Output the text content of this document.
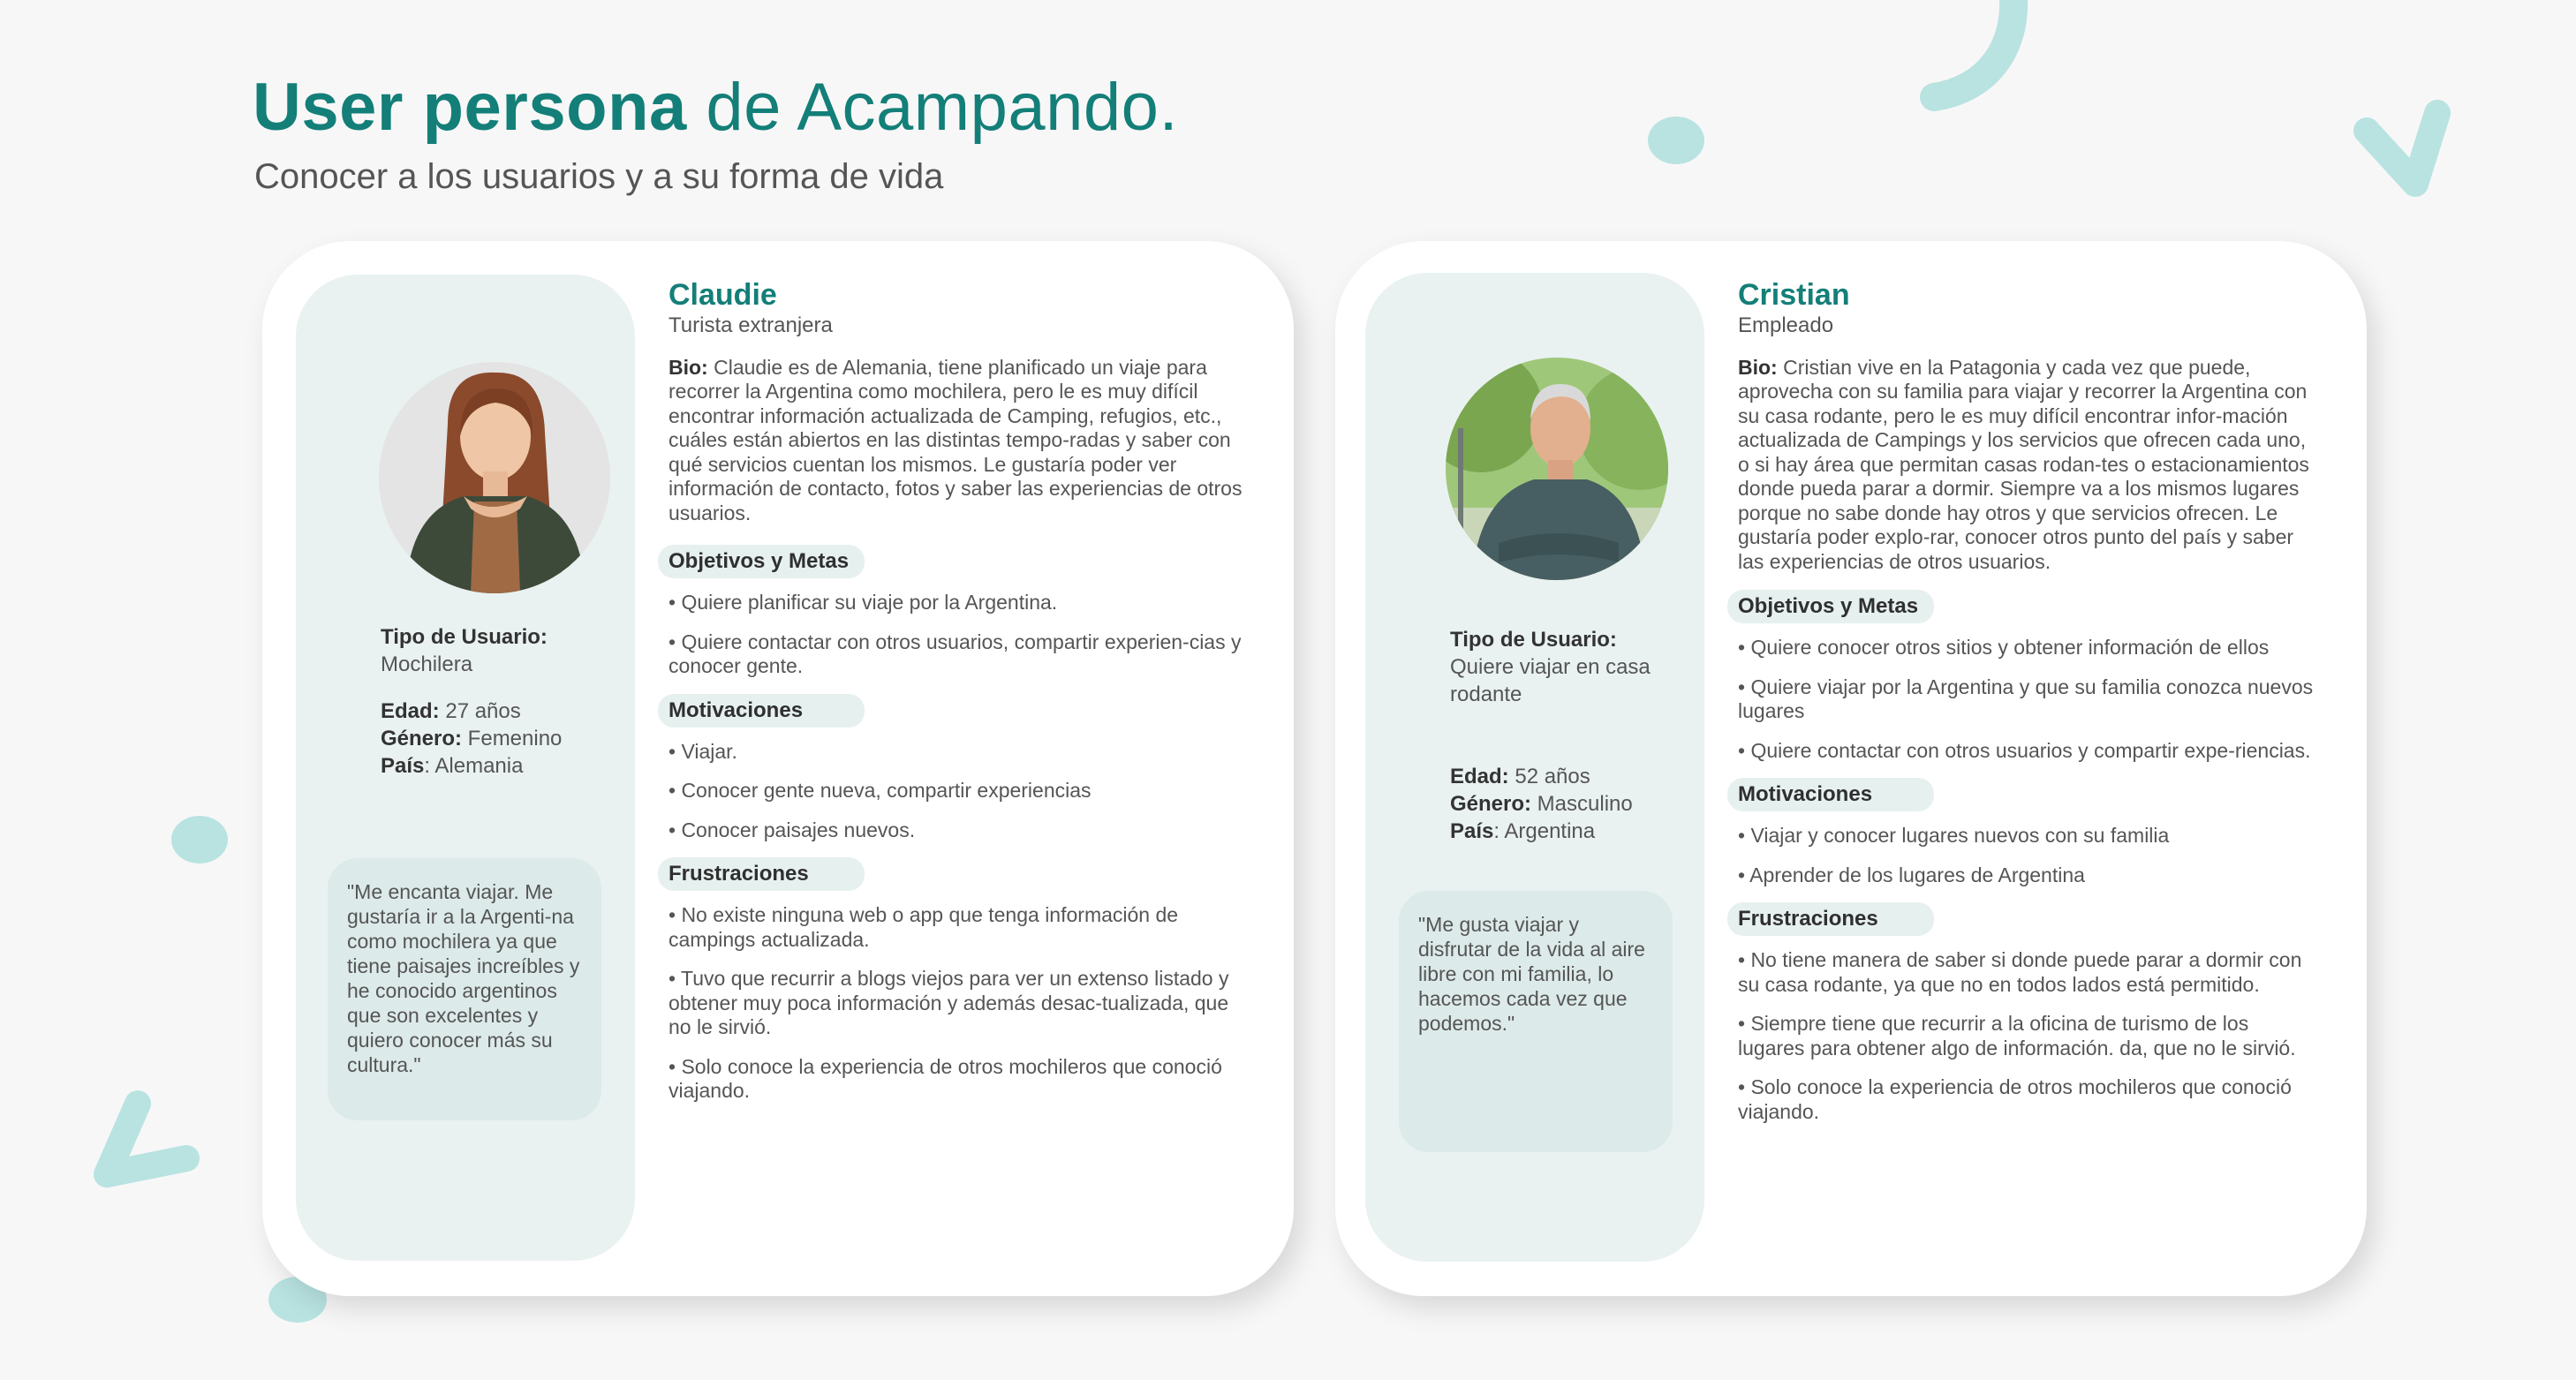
User persona de Acampando.
Conocer a los usuarios y a su forma de vida
Tipo de Usuario:
Mochilera
Edad: 27 años
Género: Femenino
País: Alemania
"Me encanta viajar. Me gustaría ir a la Argenti-na como mochilera ya que tiene paisajes increíbles y he conocido argentinos que son excelentes y quiero conocer más su cultura."
Claudie
Turista extranjera
Bio: Claudie es de Alemania, tiene planificado un viaje para recorrer la Argentina como mochilera, pero le es muy difícil encontrar información actualizada de Camping, refugios, etc., cuáles están abiertos en las distintas tempo-radas y saber con qué servicios cuentan los mismos. Le gustaría poder ver información de contacto, fotos y saber las experiencias de otros usuarios.
Objetivos y Metas
• Quiere planificar su viaje por la Argentina.
• Quiere contactar con otros usuarios, compartir experien-cias y conocer gente.
Motivaciones
• Viajar.
• Conocer gente nueva, compartir experiencias
• Conocer paisajes nuevos.
Frustraciones
• No existe ninguna web o app que tenga información de campings actualizada.
• Tuvo que recurrir a blogs viejos para ver un extenso listado y obtener muy poca información y además desac-tualizada, que no le sirvió.
• Solo conoce la experiencia de otros mochileros que conoció viajando.
Tipo de Usuario:
Quiere viajar en casa rodante
Edad: 52 años
Género: Masculino
País: Argentina
"Me gusta viajar y disfrutar de la vida al aire libre con mi familia, lo hacemos cada vez que podemos."
Cristian
Empleado
Bio: Cristian vive en la Patagonia y cada vez que puede, aprovecha con su familia para viajar y recorrer la Argentina con su casa rodante, pero le es muy difícil encontrar infor-mación actualizada de Campings y los servicios que ofrecen cada uno, o si hay área que permitan casas rodan-tes o estacionamientos donde pueda parar a dormir. Siempre va a los mismos lugares porque no sabe donde hay otros y que servicios ofrecen. Le gustaría poder explo-rar, conocer otros punto del país y saber las experiencias de otros usuarios.
Objetivos y Metas
• Quiere conocer otros sitios y obtener información de ellos
• Quiere viajar por la Argentina y que su familia conozca nuevos lugares
• Quiere contactar con otros usuarios y compartir expe-riencias.
Motivaciones
• Viajar y conocer lugares nuevos con su familia
• Aprender de los lugares de Argentina
Frustraciones
• No tiene manera de saber si donde puede parar a dormir con su casa rodante, ya que no en todos lados está permitido.
• Siempre tiene que recurrir a la oficina de turismo de los lugares para obtener algo de información. da, que no le sirvió.
• Solo conoce la experiencia de otros mochileros que conoció viajando.
